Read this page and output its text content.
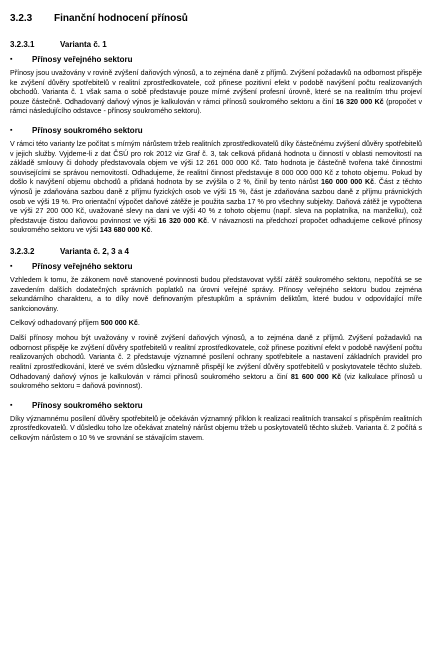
3.2.3 Finanční hodnocení přínosů
3.2.3.1	Varianta č. 1
▪	Přínosy veřejného sektoru

Přínosy jsou uvažovány v rovině zvýšení daňových výnosů, a to zejména daně z příjmů. Zvýšení požadavků na odbornost přispěje ke zvýšení důvěry spotřebitelů v realitní zprostředkovatele, což přinese pozitivní efekt v podobě navýšení počtu realizovaných obchodů. Varianta č. 1 však sama o sobě představuje pouze mírné zvýšení profesní úrovně, které se na realitním trhu projeví pouze částečně. Odhadovaný daňový výnos je kalkulován v rámci přínosů soukromého sektoru a činí 16 320 000 Kč (propočet v rámci následujícího odstavce - přínosy soukromého sektoru).

▪	Přínosy soukromého sektoru

V rámci této varianty lze počítat s mírným nárůstem tržeb realitních zprostředkovatelů díky částečnému zvýšení důvěry spotřebitelů v jejich služby. Vyjdeme-li z dat ČSÚ pro rok 2012 viz Graf č. 3, tak celková přidaná hodnota u činností v oblasti nemovitostí na základě smlouvy či dohody představovala objem ve výši 12 261 000 000 Kč. Tato hodnota je částečně tvořena také činnostmi souvisejícími se správou nemovitostí. Odhadujeme, že realitní činnost představuje 8 000 000 000 Kč z tohoto objemu. Pokud by došlo k navýšení objemu obchodů a přidaná hodnota by se zvýšila o 2 %, činil by tento nárůst 160 000 000 Kč. Část z těchto výnosů je zdaňována sazbou daně z příjmu fyzických osob ve výši 15 %, část je zdaňována sazbou daně z příjmu právnických osob ve výši 19 %. Pro orientační výpočet daňové zátěže je použita sazba 17 % pro všechny subjekty. Daňová zátěž je vypočtena ve výši 27 200 000 Kč, uvažované slevy na dani ve výši 40 % z tohoto objemu (např. sleva na poplatníka, na manželku), což představuje čistou daňovou povinnost ve výši 16 320 000 Kč. V návaznosti na předchozí propočet odhadujeme celkové přínosy soukromého sektoru ve výši 143 680 000 Kč.

3.2.3.2	Varianta č. 2, 3 a 4
▪	Přínosy veřejného sektoru

Vzhledem k tomu, že zákonem nově stanovené povinnosti budou představovat vyšší zátěž soukromého sektoru, nepočítá se se zavedením dalších dodatečných správních poplatků na úrovni veřejné správy. Přínosy veřejného sektoru budou zejména sekundárního charakteru, a to díky nově definovaným přestupkům a správním deliktům, které budou v odpovídající míře sankcionovány.

Celkový odhadovaný příjem 500 000 Kč.

Další přínosy mohou být uvažovány v rovině zvýšení daňových výnosů, a to zejména daně z příjmů. Zvýšení požadavků na odbornost přispěje ke zvýšení důvěry spotřebitelů v realitní zprostředkovatele, což přinese pozitivní efekt v podobě navýšení počtu realizovaných obchodů. Varianta č. 2 představuje významné posílení ochrany spotřebitele a nastavení základních pravidel pro realitní zprostředkování, které ve svém důsledku významně přispějí ke zvýšení důvěry spotřebitelů v poskytovatele těchto služeb. Odhadovaný daňový výnos je kalkulován v rámci přínosů soukromého sektoru a činí 81 600 000 Kč (viz kalkulace přínosů u soukromého sektoru = daňová povinnost).

▪	Přínosy soukromého sektoru

Díky významnému posílení důvěry spotřebitelů je očekáván významný příklon k realizaci realitních transakcí s přispěním realitních zprostředkovatelů. V důsledku toho lze očekávat znatelný nárůst objemu tržeb u poskytovatelů těchto služeb. Varianta č. 2 počítá s celkovým nárůstem o 10 % ve srovnání se stávajícím stavem.
